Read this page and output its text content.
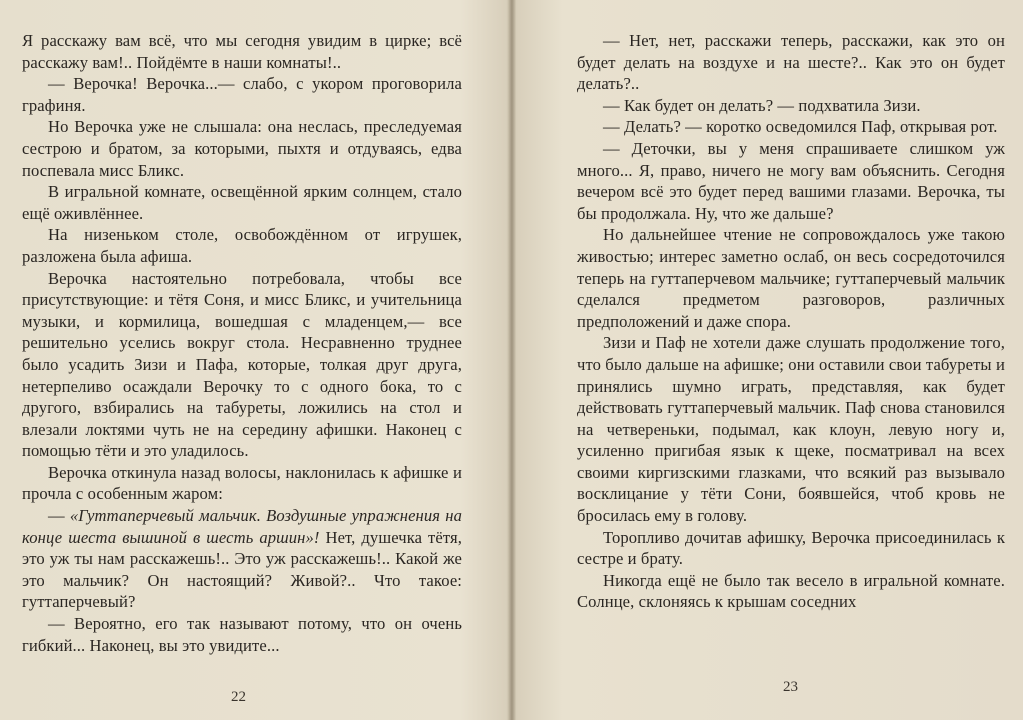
Я расскажу вам всё, что мы сегодня увидим в цирке; всё расскажу вам!.. Пойдёмте в наши комнаты!..

— Верочка! Верочка...— слабо, с укором проговорила графиня.

Но Верочка уже не слышала: она неслась, преследуемая сестрою и братом, за которыми, пыхтя и отдуваясь, едва поспевала мисс Бликс.

В игральной комнате, освещённой ярким солнцем, стало ещё оживлённее.

На низеньком столе, освобождённом от игрушек, разложена была афиша.

Верочка настоятельно потребовала, чтобы все присутствующие: и тётя Соня, и мисс Бликс, и учительница музыки, и кормилица, вошедшая с младенцем,— все решительно уселись вокруг стола. Несравненно труднее было усадить Зизи и Пафа, которые, толкая друг друга, нетерпеливо осаждали Верочку то с одного бока, то с другого, взбирались на табуреты, ложились на стол и влезали локтями чуть не на середину афишки. Наконец с помощью тёти и это уладилось.

Верочка откинула назад волосы, наклонилась к афишке и прочла с особенным жаром:

— «Гуттаперчевый мальчик. Воздушные упражнения на конце шеста вышиной в шесть аршин»! Нет, душечка тётя, это уж ты нам расскажешь!.. Это уж расскажешь!.. Какой же это мальчик? Он настоящий? Живой?.. Что такое: гуттаперчевый?

— Вероятно, его так называют потому, что он очень гибкий... Наконец, вы это увидите...

22

— Нет, нет, расскажи теперь, расскажи, как это он будет делать на воздухе и на шесте?.. Как это он будет делать?..

— Как будет он делать? — подхватила Зизи.

— Делать? — коротко осведомился Паф, открывая рот.

— Деточки, вы у меня спрашиваете слишком уж много... Я, право, ничего не могу вам объяснить. Сегодня вечером всё это будет перед вашими глазами. Верочка, ты бы продолжала. Ну, что же дальше?

Но дальнейшее чтение не сопровождалось уже такою живостью; интерес заметно ослаб, он весь сосредоточился теперь на гуттаперчевом мальчике; гуттаперчевый мальчик сделался предметом разговоров, различных предположений и даже спора.

Зизи и Паф не хотели даже слушать продолжение того, что было дальше на афишке; они оставили свои табуреты и принялись шумно играть, представляя, как будет действовать гуттаперчевый мальчик. Паф снова становился на четвереньки, подымал, как клоун, левую ногу и, усиленно пригибая язык к щеке, посматривал на всех своими киргизскими глазками, что всякий раз вызывало восклицание у тёти Сони, боявшейся, чтоб кровь не бросилась ему в голову.

Торопливо дочитав афишку, Верочка присоединилась к сестре и брату.

Никогда ещё не было так весело в игральной комнате. Солнце, склоняясь к крышам соседних

23
